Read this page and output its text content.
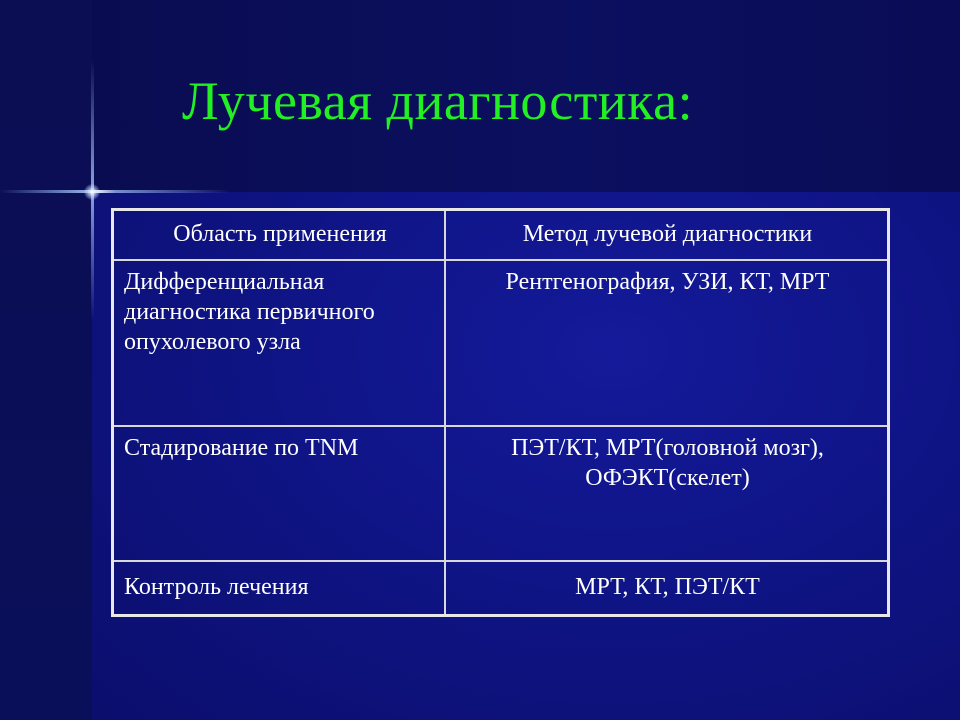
Лучевая диагностика:
Область применения	Метод лучевой диагностики
Дифференциальная диагностика первичного опухолевого узла	Рентгенография, УЗИ, КТ, МРТ
Стадирование по TNM	ПЭТ/КТ, МРТ(головной мозг), ОФЭКТ(скелет)
Контроль лечения	МРТ, КТ, ПЭТ/КТ
